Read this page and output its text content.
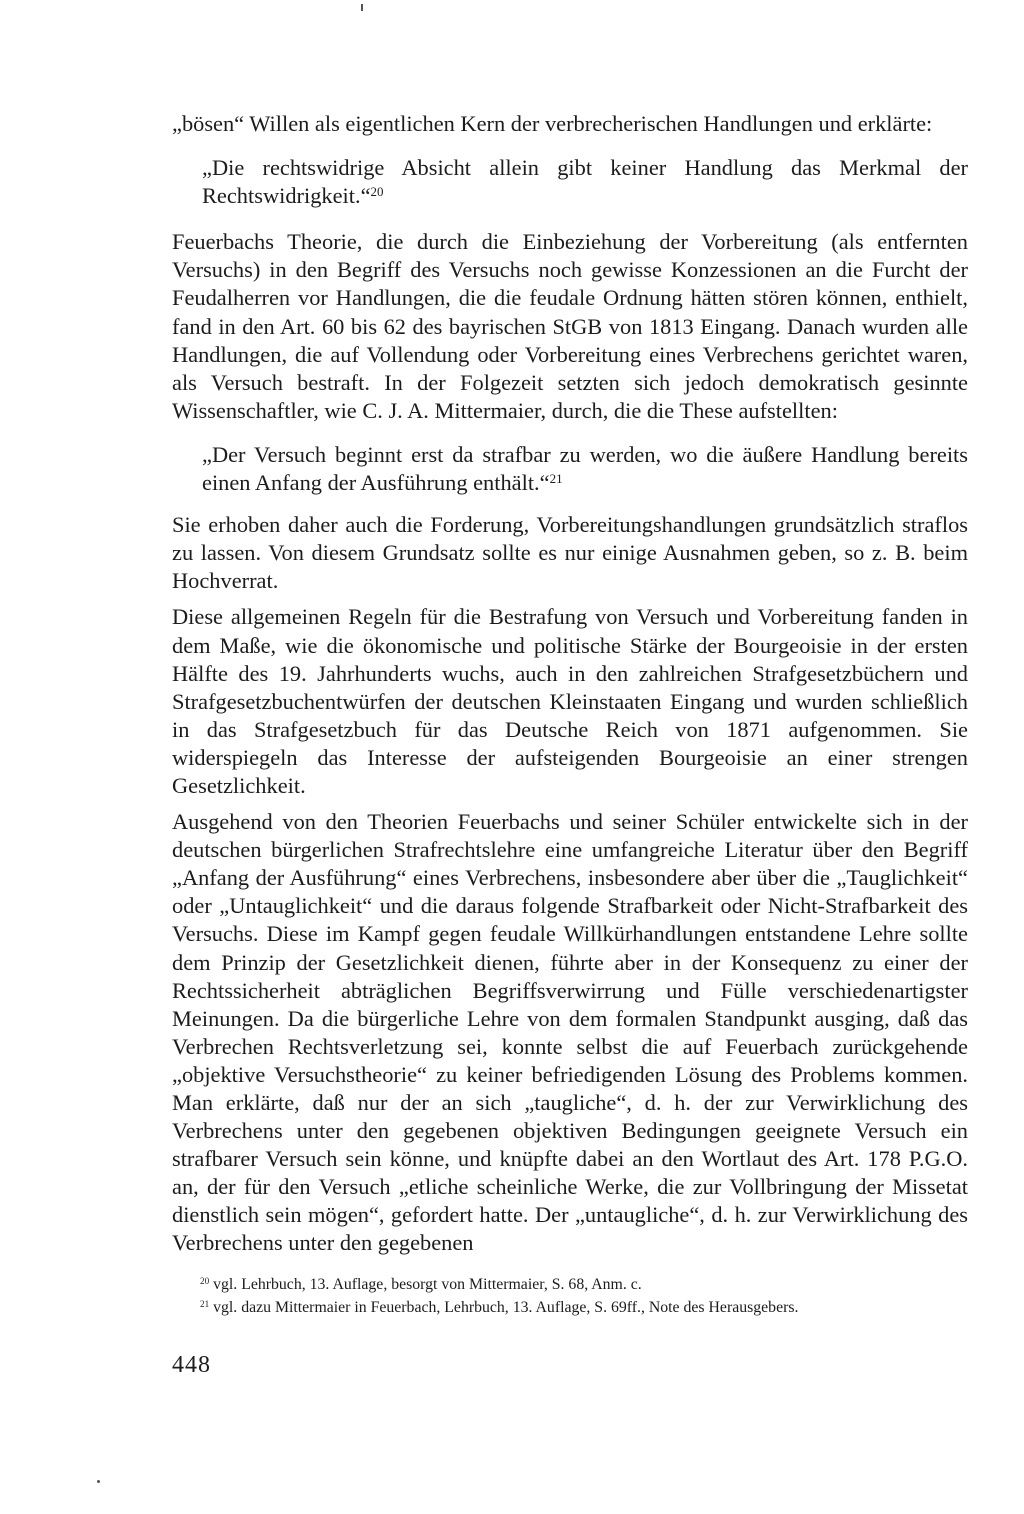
„bösen“ Willen als eigentlichen Kern der verbrecherischen Handlungen und erklärte:

„Die rechtswidrige Absicht allein gibt keiner Handlung das Merkmal der Rechtswidrigkeit.“$^{20}$

Feuerbachs Theorie, die durch die Einbeziehung der Vorbereitung (als entfernten Versuchs) in den Begriff des Versuchs noch gewisse Konzessionen an die Furcht der Feudalherren vor Handlungen, die die feudale Ordnung hätten stören können, enthielt, fand in den Art. 60 bis 62 des bayrischen StGB von 1813 Eingang. Danach wurden alle Handlungen, die auf Vollendung oder Vorbereitung eines Verbrechens gerichtet waren, als Versuch bestraft. In der Folgezeit setzten sich jedoch demokratisch gesinnte Wissenschaftler, wie C. J. A. Mittermaier, durch, die die These aufstellten:

„Der Versuch beginnt erst da strafbar zu werden, wo die äußere Handlung bereits einen Anfang der Ausführung enthält.“$^{21}$

Sie erhoben daher auch die Forderung, Vorbereitungshandlungen grundsätzlich straflos zu lassen. Von diesem Grundsatz sollte es nur einige Ausnahmen geben, so z. B. beim Hochverrat.

Diese allgemeinen Regeln für die Bestrafung von Versuch und Vorbereitung fanden in dem Maße, wie die ökonomische und politische Stärke der Bourgeoisie in der ersten Hälfte des 19. Jahrhunderts wuchs, auch in den zahlreichen Strafgesetzbüchern und Strafgesetzbuchentwürfen der deutschen Kleinstaaten Eingang und wurden schließlich in das Strafgesetzbuch für das Deutsche Reich von 1871 aufgenommen. Sie widerspiegeln das Interesse der aufsteigenden Bourgeoisie an einer strengen Gesetzlichkeit.

Ausgehend von den Theorien Feuerbachs und seiner Schüler entwickelte sich in der deutschen bürgerlichen Strafrechtslehre eine umfangreiche Literatur über den Begriff „Anfang der Ausführung“ eines Verbrechens, insbesondere aber über die „Tauglichkeit“ oder „Untauglichkeit“ und die daraus folgende Strafbarkeit oder Nicht-Strafbarkeit des Versuchs. Diese im Kampf gegen feudale Willkürhandlungen entstandene Lehre sollte dem Prinzip der Gesetzlichkeit dienen, führte aber in der Konsequenz zu einer der Rechtssicherheit abträglichen Begriffsverwirrung und Fülle verschiedenartigster Meinungen. Da die bürgerliche Lehre von dem formalen Standpunkt ausging, daß das Verbrechen Rechtsverletzung sei, konnte selbst die auf Feuerbach zurückgehende „objektive Versuchstheorie“ zu keiner befriedigenden Lösung des Problems kommen. Man erklärte, daß nur der an sich „taugliche“, d. h. der zur Verwirklichung des Verbrechens unter den gegebenen objektiven Bedingungen geeignete Versuch ein strafbarer Versuch sein könne, und knüpfte dabei an den Wortlaut des Art. 178 P.G.O. an, der für den Versuch „etliche scheinliche Werke, die zur Vollbringung der Missetat dienstlich sein mögen“, gefordert hatte. Der „untaugliche“, d. h. zur Verwirklichung des Verbrechens unter den gegebenen

$^{20}$ vgl. Lehrbuch, 13. Auflage, besorgt von Mittermaier, S. 68, Anm. c.

$^{21}$ vgl. dazu Mittermaier in Feuerbach, Lehrbuch, 13. Auflage, S. 69ff., Note des Herausgebers.

448
